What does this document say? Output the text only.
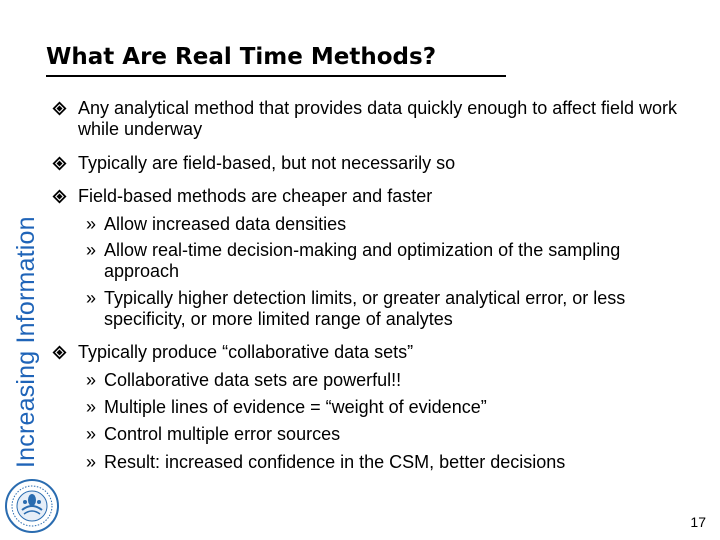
Increasing Information
What Are Real Time Methods?
Any analytical method that provides data quickly enough to affect field work while underway
Typically are field-based, but not necessarily so
Field-based methods are cheaper and faster
» Allow increased data densities
» Allow real-time decision-making and optimization of the sampling approach
» Typically higher detection limits, or greater analytical error, or less specificity, or more limited range of analytes
Typically produce “collaborative data sets”
» Collaborative data sets are powerful!!
» Multiple lines of evidence = “weight of evidence”
» Control multiple error sources
» Result: increased confidence in the CSM, better decisions
17
